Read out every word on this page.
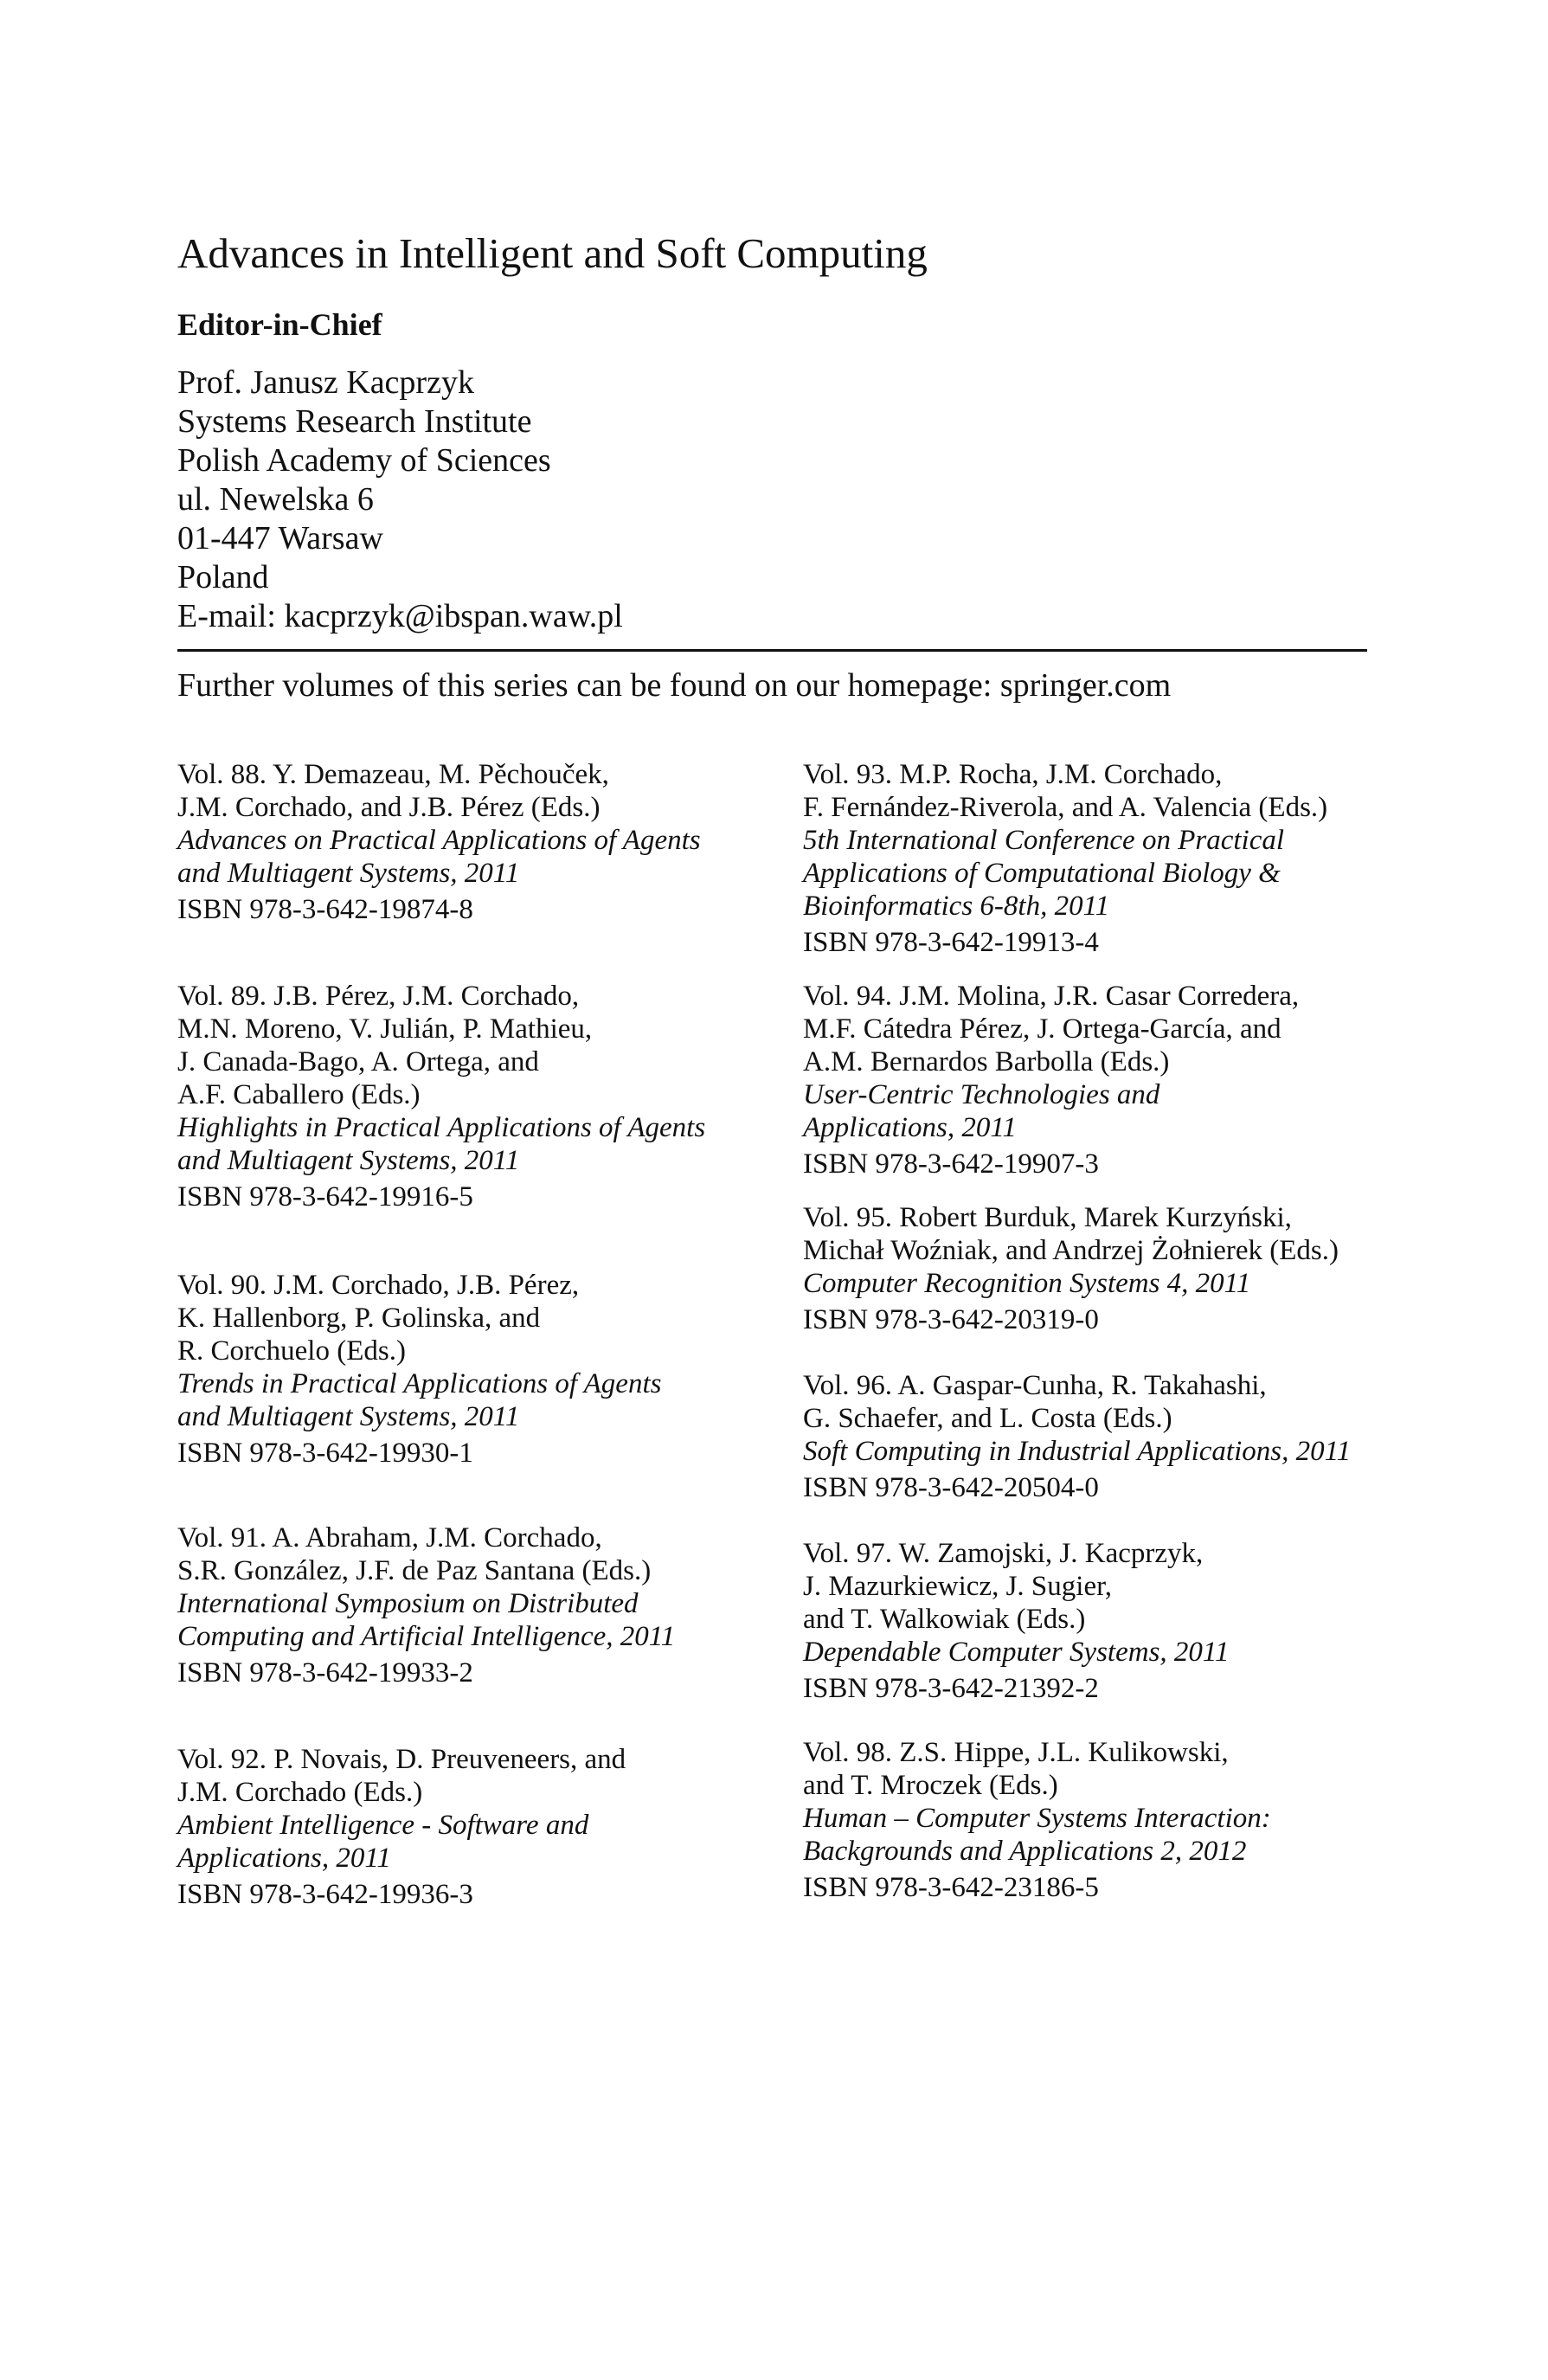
Advances in Intelligent and Soft Computing
Editor-in-Chief
Prof. Janusz Kacprzyk
Systems Research Institute
Polish Academy of Sciences
ul. Newelska 6
01-447 Warsaw
Poland
E-mail: kacprzyk@ibspan.waw.pl
Further volumes of this series can be found on our homepage: springer.com
Vol. 88. Y. Demazeau, M. Pěchouček,
J.M. Corchado, and J.B. Pérez (Eds.)
Advances on Practical Applications of Agents
and Multiagent Systems, 2011
ISBN 978-3-642-19874-8
Vol. 89. J.B. Pérez, J.M. Corchado,
M.N. Moreno, V. Julián, P. Mathieu,
J. Canada-Bago, A. Ortega, and
A.F. Caballero (Eds.)
Highlights in Practical Applications of Agents
and Multiagent Systems, 2011
ISBN 978-3-642-19916-5
Vol. 90. J.M. Corchado, J.B. Pérez,
K. Hallenborg, P. Golinska, and
R. Corchuelo (Eds.)
Trends in Practical Applications of Agents
and Multiagent Systems, 2011
ISBN 978-3-642-19930-1
Vol. 91. A. Abraham, J.M. Corchado,
S.R. González, J.F. de Paz Santana (Eds.)
International Symposium on Distributed
Computing and Artificial Intelligence, 2011
ISBN 978-3-642-19933-2
Vol. 92. P. Novais, D. Preuveneers, and
J.M. Corchado (Eds.)
Ambient Intelligence - Software and
Applications, 2011
ISBN 978-3-642-19936-3
Vol. 93. M.P. Rocha, J.M. Corchado,
F. Fernández-Riverola, and A. Valencia (Eds.)
5th International Conference on Practical
Applications of Computational Biology &
Bioinformatics 6-8th, 2011
ISBN 978-3-642-19913-4
Vol. 94. J.M. Molina, J.R. Casar Corredera,
M.F. Cátedra Pérez, J. Ortega-García, and
A.M. Bernardos Barbolla (Eds.)
User-Centric Technologies and
Applications, 2011
ISBN 978-3-642-19907-3
Vol. 95. Robert Burduk, Marek Kurzyński,
Michał Woźniak, and Andrzej Żołnierek (Eds.)
Computer Recognition Systems 4, 2011
ISBN 978-3-642-20319-0
Vol. 96. A. Gaspar-Cunha, R. Takahashi,
G. Schaefer, and L. Costa (Eds.)
Soft Computing in Industrial Applications, 2011
ISBN 978-3-642-20504-0
Vol. 97. W. Zamojski, J. Kacprzyk,
J. Mazurkiewicz, J. Sugier,
and T. Walkowiak (Eds.)
Dependable Computer Systems, 2011
ISBN 978-3-642-21392-2
Vol. 98. Z.S. Hippe, J.L. Kulikowski,
and T. Mroczek (Eds.)
Human – Computer Systems Interaction:
Backgrounds and Applications 2, 2012
ISBN 978-3-642-23186-5
